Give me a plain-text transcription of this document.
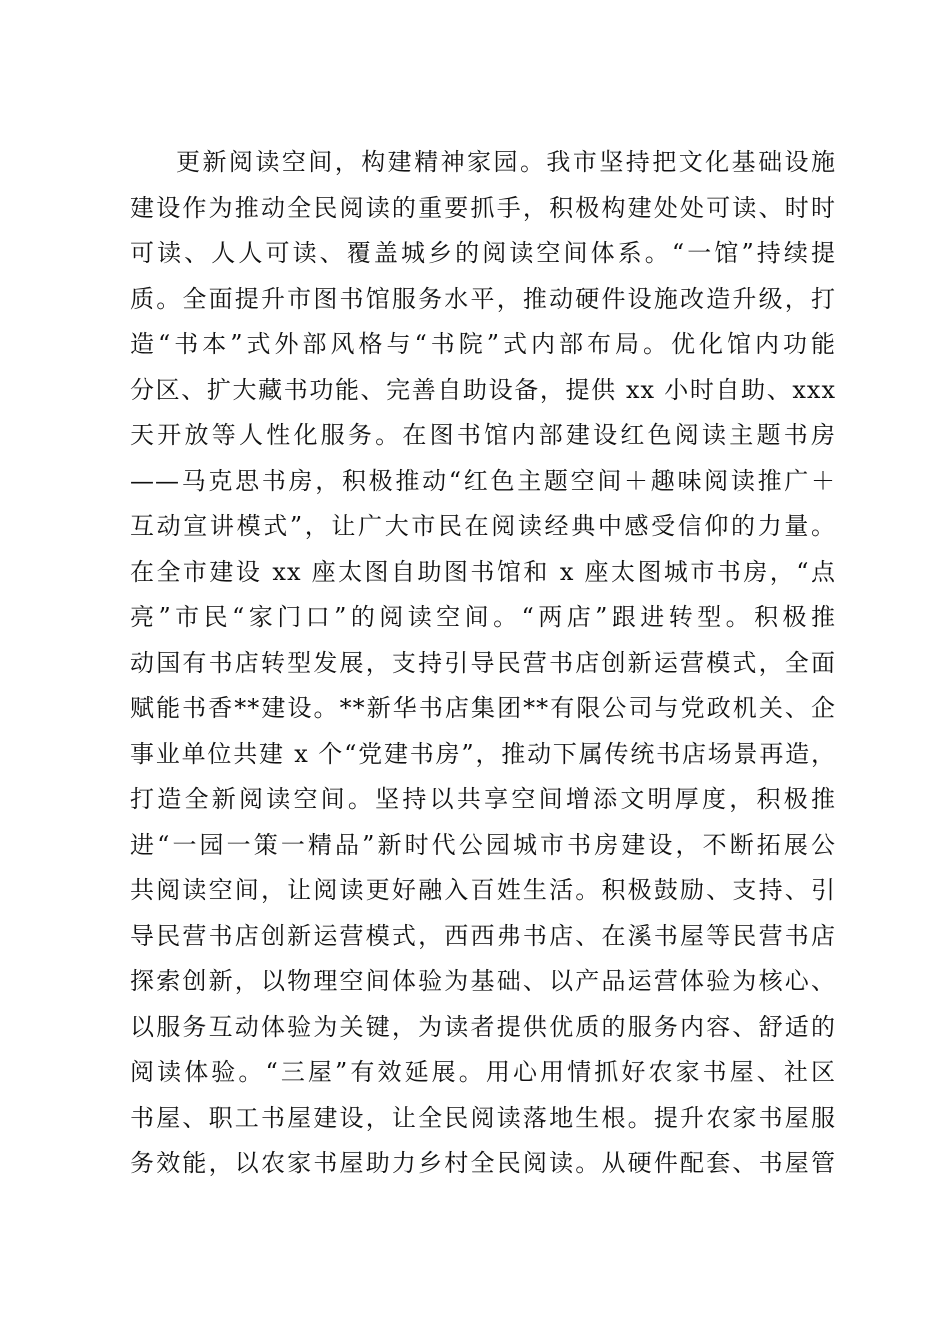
更新阅读空间，构建精神家园。我市坚持把文化基础设施
建设作为推动全民阅读的重要抓手，积极构建处处可读、时时
可读、人人可读、覆盖城乡的阅读空间体系。“一馆”持续提
质。全面提升市图书馆服务水平，推动硬件设施改造升级，打
造“书本”式外部风格与“书院”式内部布局。优化馆内功能
分区、扩大藏书功能、完善自助设备，提供 xx 小时自助、xxx
天开放等人性化服务。在图书馆内部建设红色阅读主题书房
——马克思书房，积极推动“红色主题空间＋趣味阅读推广＋
互动宣讲模式”，让广大市民在阅读经典中感受信仰的力量。
在全市建设 xx 座太图自助图书馆和 x 座太图城市书房，“点
亮”市民“家门口”的阅读空间。“两店”跟进转型。积极推
动国有书店转型发展，支持引导民营书店创新运营模式，全面
赋能书香**建设。**新华书店集团**有限公司与党政机关、企
事业单位共建 x 个“党建书房”，推动下属传统书店场景再造，
打造全新阅读空间。坚持以共享空间增添文明厚度，积极推
进“一园一策一精品”新时代公园城市书房建设，不断拓展公
共阅读空间，让阅读更好融入百姓生活。积极鼓励、支持、引
导民营书店创新运营模式，西西弗书店、在溪书屋等民营书店
探索创新，以物理空间体验为基础、以产品运营体验为核心、
以服务互动体验为关键，为读者提供优质的服务内容、舒适的
阅读体验。“三屋”有效延展。用心用情抓好农家书屋、社区
书屋、职工书屋建设，让全民阅读落地生根。提升农家书屋服
务效能，以农家书屋助力乡村全民阅读。从硬件配套、书屋管
